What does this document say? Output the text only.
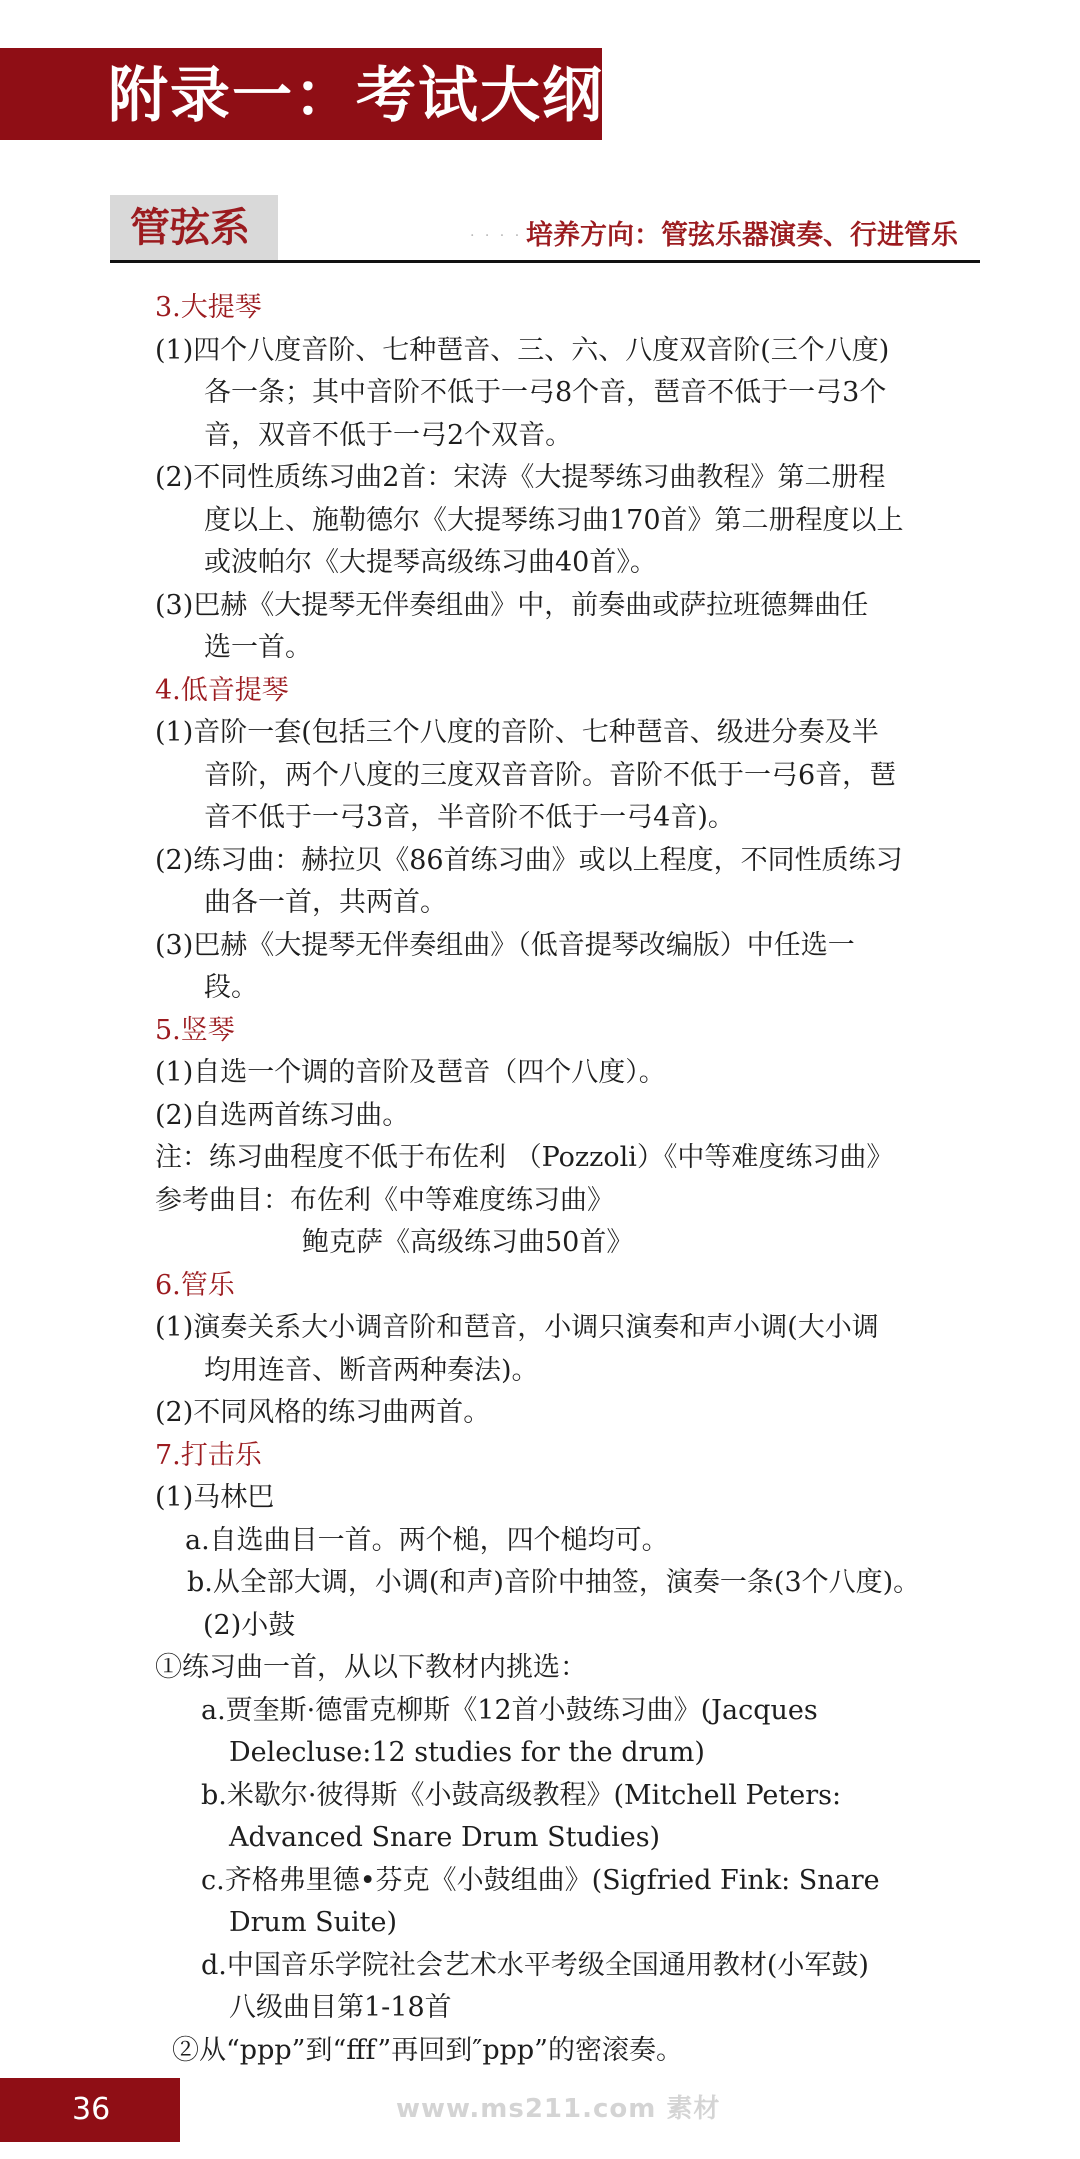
附录一：考试大纲
管弦系	. . . . 培养方向：管弦乐器演奏、行进管乐
3.大提琴
(1)四个八度音阶、七种琶音、三、六、八度双音阶(三个八度)
各一条；其中音阶不低于一弓8个音，琶音不低于一弓3个
音，双音不低于一弓2个双音。
(2)不同性质练习曲2首：宋涛《大提琴练习曲教程》第二册程
度以上、施勒德尔《大提琴练习曲170首》第二册程度以上
或波帕尔《大提琴高级练习曲40首》。
(3)巴赫《大提琴无伴奏组曲》中，前奏曲或萨拉班德舞曲任
选一首。
4.低音提琴
(1)音阶一套(包括三个八度的音阶、七种琶音、级进分奏及半
音阶，两个八度的三度双音音阶。音阶不低于一弓6音，琶
音不低于一弓3音，半音阶不低于一弓4音)。
(2)练习曲：赫拉贝《86首练习曲》或以上程度，不同性质练习
曲各一首，共两首。
(3)巴赫《大提琴无伴奏组曲》（低音提琴改编版）中任选一
段。
5.竖琴
(1)自选一个调的音阶及琶音（四个八度）。
(2)自选两首练习曲。
注：练习曲程度不低于布佐利 （Pozzoli）《中等难度练习曲》
参考曲目：布佐利《中等难度练习曲》
鲍克萨《高级练习曲50首》
6.管乐
(1)演奏关系大小调音阶和琶音，小调只演奏和声小调(大小调
均用连音、断音两种奏法)。
(2)不同风格的练习曲两首。
7.打击乐
(1)马林巴
a.自选曲目一首。两个槌，四个槌均可。
b.从全部大调，小调(和声)音阶中抽签，演奏一条(3个八度)。
(2)小鼓
①练习曲一首，从以下教材内挑选：
a.贾奎斯·德雷克柳斯《12首小鼓练习曲》(Jacques
Delecluse:12 studies for the drum)
b.米歇尔·彼得斯《小鼓高级教程》(Mitchell Peters:
Advanced Snare Drum Studies)
c.齐格弗里德•芬克《小鼓组曲》(Sigfried Fink: Snare
Drum Suite)
d.中国音乐学院社会艺术水平考级全国通用教材(小军鼓)
八级曲目第1-18首
②从“ppp”到“fff”再回到″ppp”的密滚奏。
36	www.ms211.com 素材
